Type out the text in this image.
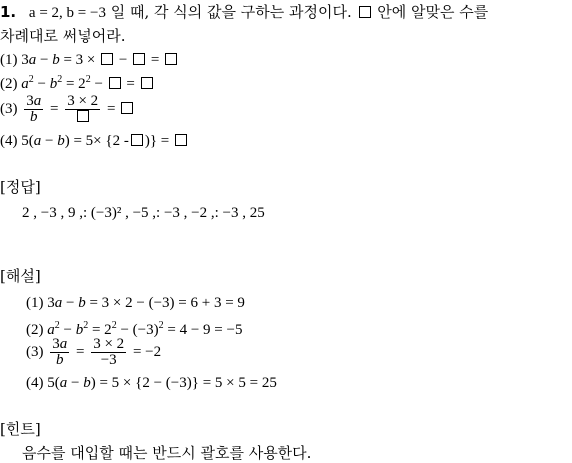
1. a = 2, b = −3 일 때, 각 식의 값을 구하는 과정이다.  안에 알맞은 수를
차례대로 써넣어라.
(1) 3a − b = 3 ×  −  =
(2) $a^2 - b^2 = 2^2$ −  =
$(3) \frac{3a}{b} = 3 \times 2$ =
(4) 5(a − b) = 5× {2 - )} =
[정답]
2 , −3 , 9 ,: (−3)² , −5 ,: −3 , −2 ,: −3 , 25
[해설]
(1) 3a − b = 3 × 2 − (−3) = 6 + 3 = 9
(2) $a^2 - b^2 = 2^2 - (-3)^2 = 4 - 9 = -5$
$(3) \frac{3a}{b} = \frac{3 \times 2}{-3} = -2$
(4) 5(a − b) = 5 × {2 − (−3)} = 5 × 5 = 25
[힌트]
음수를 대입할 때는 반드시 괄호를 사용한다.
